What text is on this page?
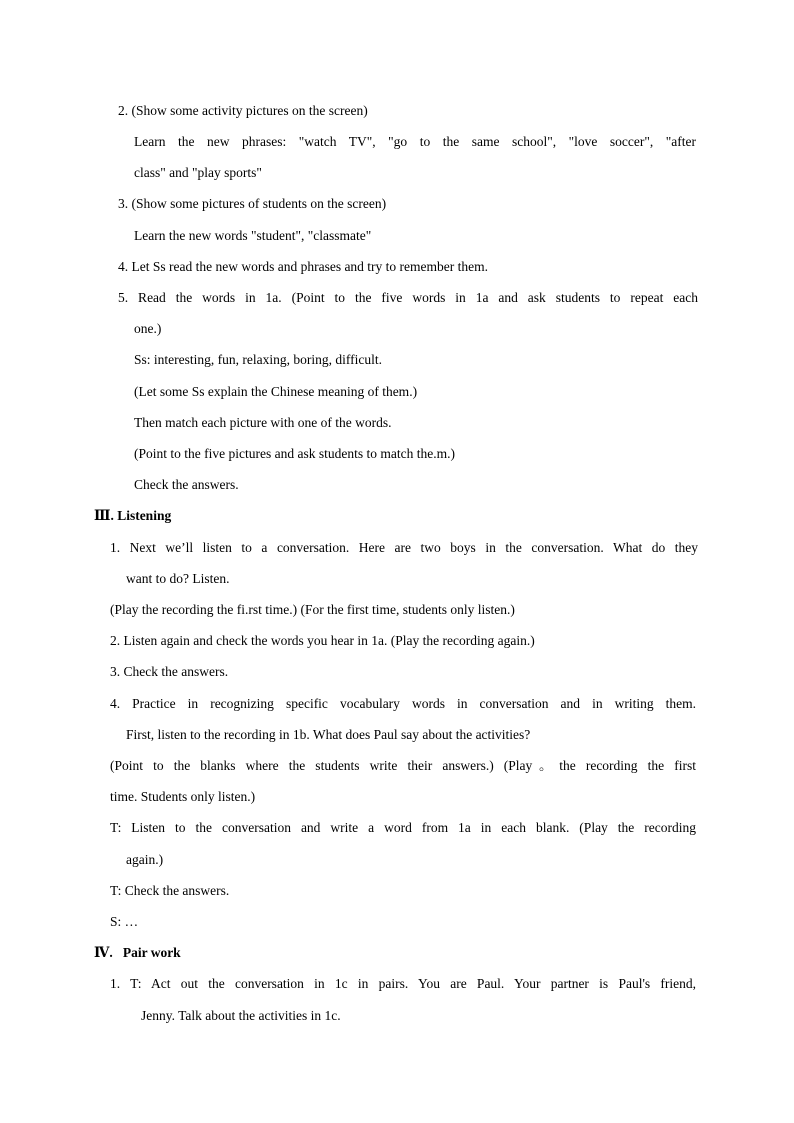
2. (Show some activity pictures on the screen)
Learn the new phrases: "watch TV", "go to the same school", "love soccer", "after
class" and "play sports"
3. (Show some pictures of students on the screen)
Learn the new words "student", "classmate"
4. Let Ss read the new words and phrases and try to remember them.
5. Read the words in 1a. (Point to the five words in 1a and ask students to repeat each
one.)
Ss: interesting, fun, relaxing, boring, difficult.
(Let some Ss explain the Chinese meaning of them.)
Then match each picture with one of the words.
(Point to the five pictures and ask students to match the.m.)
Check the answers.
Ⅲ. Listening
1. Next we’ll listen to a conversation. Here are two boys in the conversation. What do they
want to do? Listen.
(Play the recording the fi.rst time.) (For the first time, students only listen.)
2. Listen again and check the words you hear in 1a. (Play the recording again.)
3. Check the answers.
4. Practice in recognizing specific vocabulary words in conversation and in writing them.
First, listen to the recording in 1b. What does Paul say about the activities?
(Point to the blanks where the students write their answers.) (Play。the recording the first
time. Students only listen.)
T: Listen to the conversation and write a word from 1a in each blank. (Play the recording
again.)
T: Check the answers.
S: …
Ⅳ.   Pair work
1. T: Act out the conversation in 1c in pairs. You are Paul. Your partner is Paul's friend,
Jenny. Talk about the activities in 1c.
